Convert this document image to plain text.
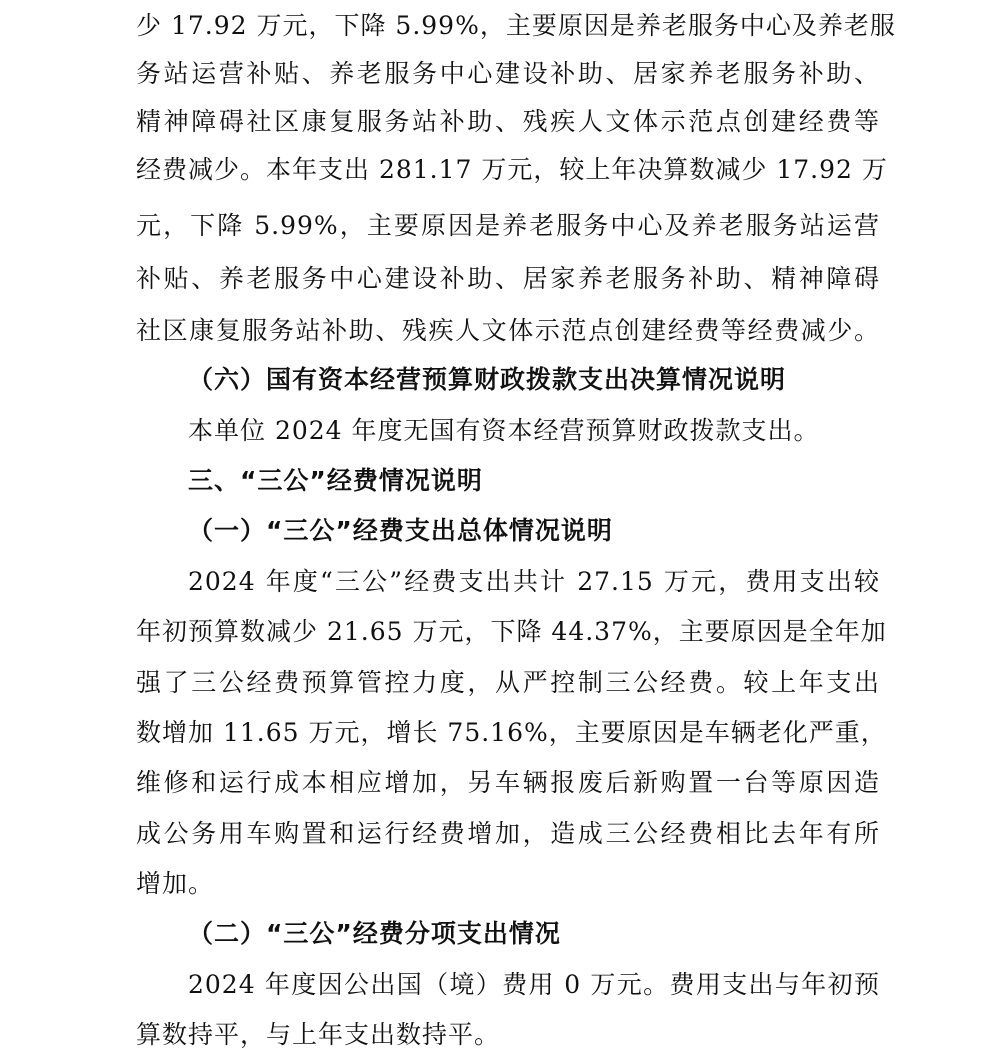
少 17.92 万元，下降 5.99%，主要原因是养老服务中心及养老服
务站运营补贴、养老服务中心建设补助、居家养老服务补助、
精神障碍社区康复服务站补助、残疾人文体示范点创建经费等
经费减少。本年支出 281.17 万元，较上年决算数减少 17.92 万
元，下降 5.99%，主要原因是养老服务中心及养老服务站运营
补贴、养老服务中心建设补助、居家养老服务补助、精神障碍
社区康复服务站补助、残疾人文体示范点创建经费等经费减少。
（六）国有资本经营预算财政拨款支出决算情况说明
本单位 2024 年度无国有资本经营预算财政拨款支出。
三、“三公”经费情况说明
（一）“三公”经费支出总体情况说明
2024 年度“三公”经费支出共计 27.15 万元，费用支出较
年初预算数减少 21.65 万元，下降 44.37%，主要原因是全年加
强了三公经费预算管控力度，从严控制三公经费。较上年支出
数增加 11.65 万元，增长 75.16%，主要原因是车辆老化严重，
维修和运行成本相应增加，另车辆报废后新购置一台等原因造
成公务用车购置和运行经费增加，造成三公经费相比去年有所
增加。
（二）“三公”经费分项支出情况
2024 年度因公出国（境）费用 0 万元。费用支出与年初预
算数持平，与上年支出数持平。
